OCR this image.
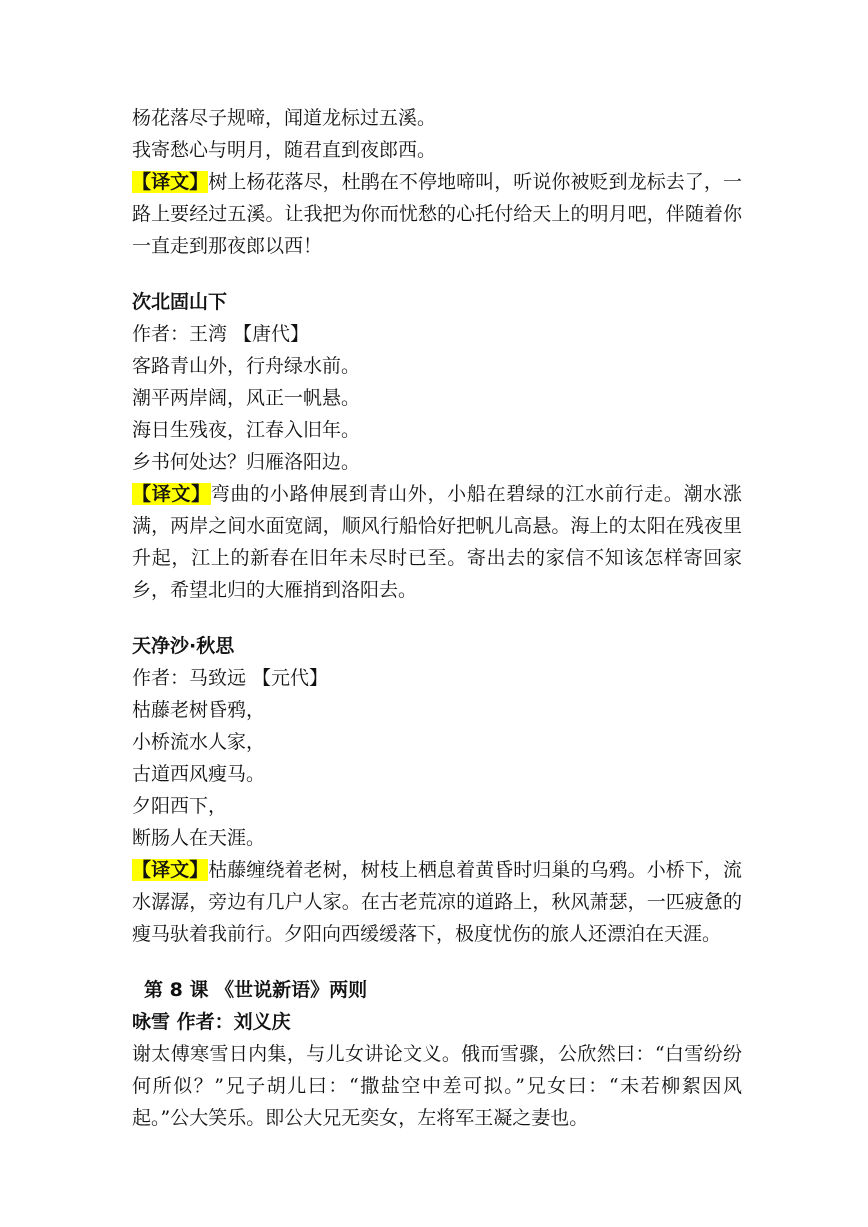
杨花落尽子规啼，闻道龙标过五溪。
我寄愁心与明月，随君直到夜郎西。
【译文】树上杨花落尽，杜鹃在不停地啼叫，听说你被贬到龙标去了，一路上要经过五溪。让我把为你而忧愁的心托付给天上的明月吧，伴随着你一直走到那夜郎以西！
次北固山下
作者：王湾 【唐代】
客路青山外，行舟绿水前。
潮平两岸阔，风正一帆悬。
海日生残夜，江春入旧年。
乡书何处达？归雁洛阳边。
【译文】弯曲的小路伸展到青山外，小船在碧绿的江水前行走。潮水涨满，两岸之间水面宽阔，顺风行船恰好把帆儿高悬。海上的太阳在残夜里升起，江上的新春在旧年未尽时已至。寄出去的家信不知该怎样寄回家乡，希望北归的大雁捎到洛阳去。
天净沙·秋思
作者：马致远 【元代】
枯藤老树昏鸦，
小桥流水人家，
古道西风瘦马。
夕阳西下，
断肠人在天涯。
【译文】枯藤缠绕着老树，树枝上栖息着黄昏时归巢的乌鸦。小桥下，流水潺潺，旁边有几户人家。在古老荒凉的道路上，秋风萧瑟，一匹疲惫的瘦马驮着我前行。夕阳向西缓缓落下，极度忧伤的旅人还漂泊在天涯。
第 8 课 《世说新语》两则
咏雪 作者：刘义庆
谢太傅寒雪日内集，与儿女讲论文义。俄而雪骤，公欣然曰：“白雪纷纷何所似？”兄子胡儿曰：“撒盐空中差可拟。”兄女曰：“未若柳絮因风起。”公大笑乐。即公大兄无奕女，左将军王凝之妻也。
